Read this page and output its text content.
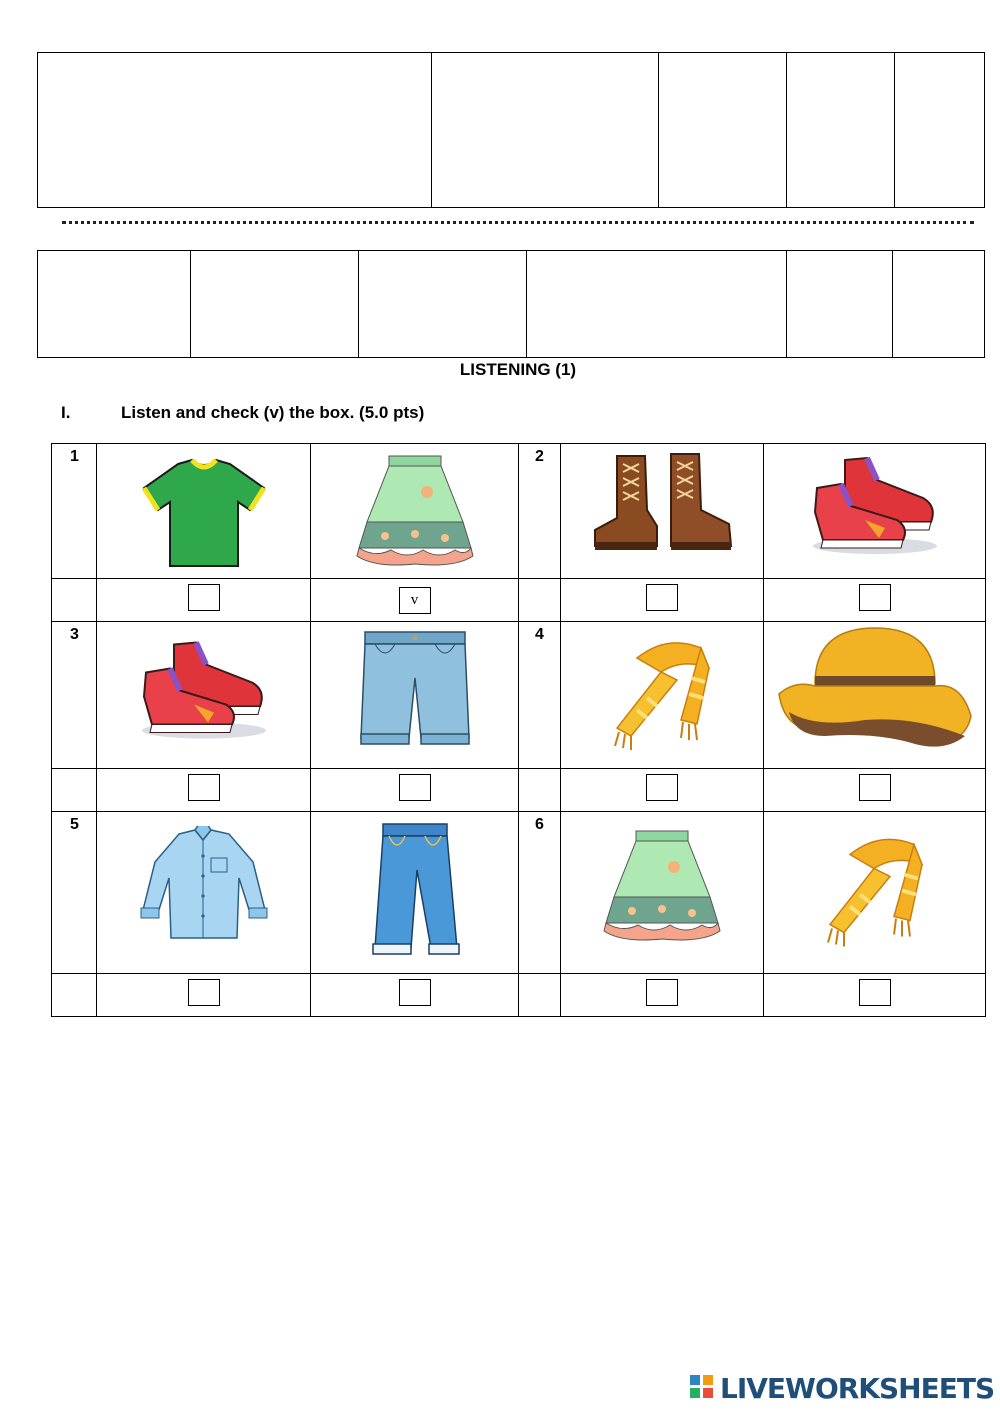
LISTENING (1)
I.	Listen and check (v) the box. (5.0 pts)
1			2

		v			

3			4

5			6

LIVEWORKSHEETS
